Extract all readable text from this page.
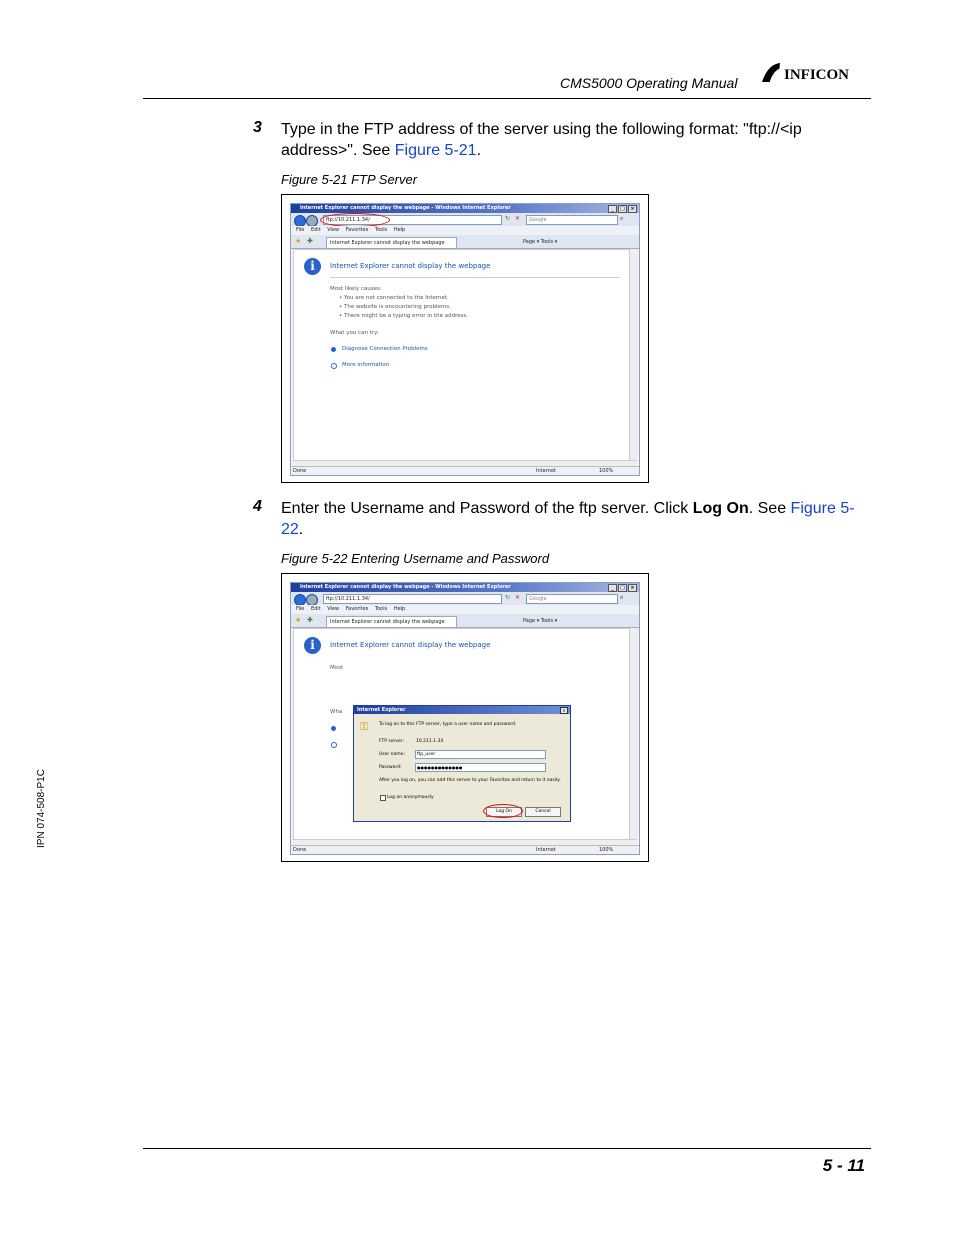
CMS5000 Operating Manual	INFICON
IPN 074-508-P1C
3 Type in the FTP address of the server using the following format: "ftp://<ip address>". See Figure 5-21.
Figure 5-21 FTP Server
Internet Explorer cannot display the webpage - Windows Internet Explorer	_ □ ×
ftp://10.211.1.34/	↻ ✕	Google	⌕
File Edit View Favorites Tools Help
★ ✚	Internet Explorer cannot display the webpage	Page ▾ Tools ▾
i	Internet Explorer cannot display the webpage
Most likely causes:
• You are not connected to the Internet.
• The website is encountering problems.
• There might be a typing error in the address.
What you can try:
Diagnose Connection Problems
More information
Done	Internet	100%
4 Enter the Username and Password of the ftp server. Click Log On. See Figure 5-22.
Figure 5-22 Entering Username and Password
Internet Explorer cannot display the webpage - Windows Internet Explorer	_ □ ×
ftp://10.211.1.34/	↻ ✕	Google	⌕
File Edit View Favorites Tools Help
★ ✚	Internet Explorer cannot display the webpage	Page ▾ Tools ▾
i	Internet Explorer cannot display the webpage
Most
Wha	Internet Explorer	×
⚿ To log on to this FTP server, type a user name and password.
FTP server:	10.211.1.34
User name:	ftp_user
Password:	●●●●●●●●●●●●●
After you log on, you can add this server to your Favorites and return to it easily.
Log on anonymously
Log On	Cancel
Done	Internet	100%
5 - 11
